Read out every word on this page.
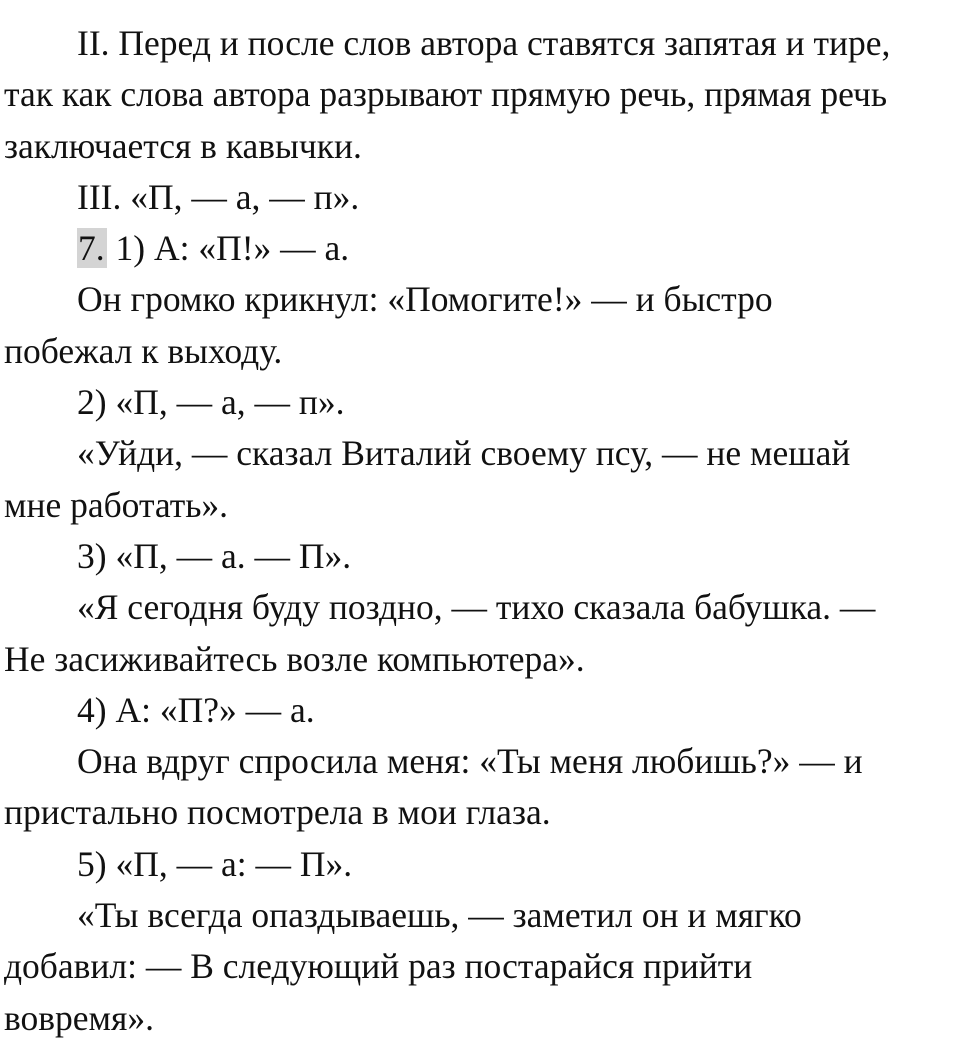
II. Перед и после слов автора ставятся запятая и тире,
так как слова автора разрывают прямую речь, прямая речь
заключается в кавычки.
III. «П, — а, — п».
7. 1) А: «П!» — а.
Он громко крикнул: «Помогите!» — и быстро
побежал к выходу.
2) «П, — а, — п».
«Уйди, — сказал Виталий своему псу, — не мешай
мне работать».
3) «П, — а. — П».
«Я сегодня буду поздно, — тихо сказала бабушка. —
Не засиживайтесь возле компьютера».
4) А: «П?» — а.
Она вдруг спросила меня: «Ты меня любишь?» — и
пристально посмотрела в мои глаза.
5) «П, — а: — П».
«Ты всегда опаздываешь, — заметил он и мягко
добавил: — В следующий раз постарайся прийти
вовремя».
